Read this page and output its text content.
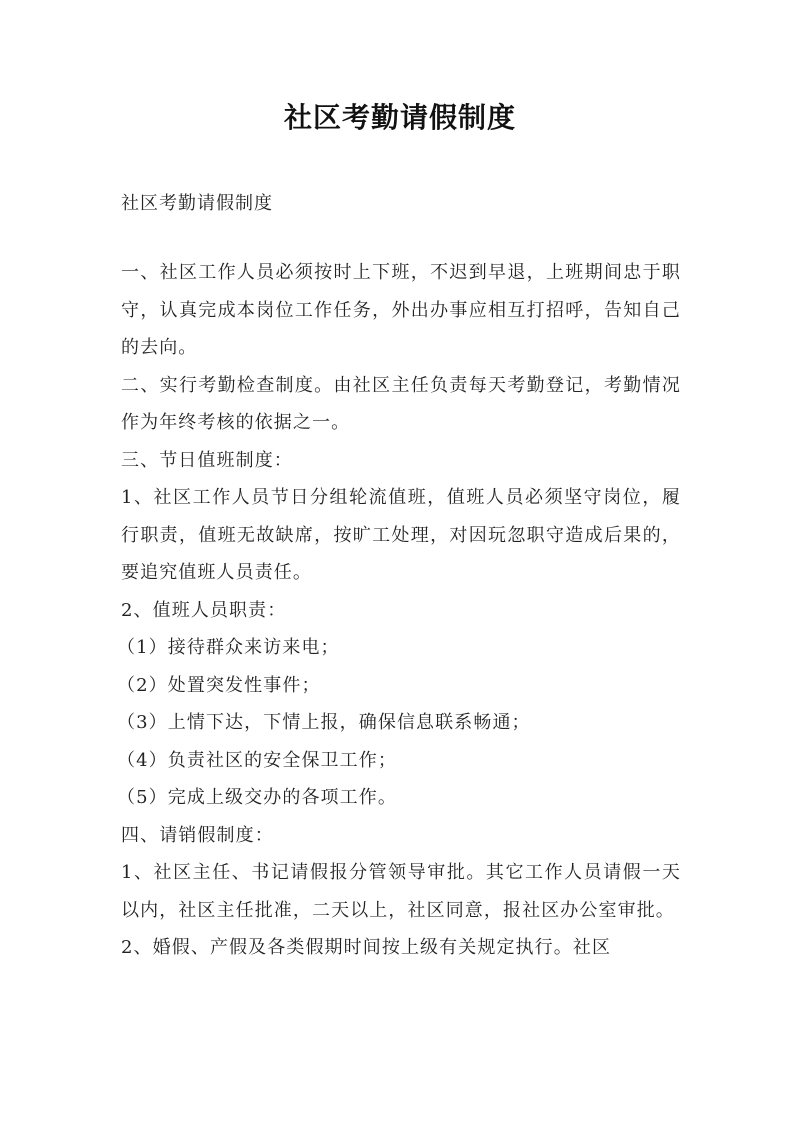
社区考勤请假制度
社区考勤请假制度

一、社区工作人员必须按时上下班，不迟到早退，上班期间忠于职守，认真完成本岗位工作任务，外出办事应相互打招呼，告知自己的去向。

二、实行考勤检查制度。由社区主任负责每天考勤登记，考勤情况作为年终考核的依据之一。

三、节日值班制度：

1、社区工作人员节日分组轮流值班，值班人员必须坚守岗位，履行职责，值班无故缺席，按旷工处理，对因玩忽职守造成后果的，要追究值班人员责任。

2、值班人员职责：

（1）接待群众来访来电；

（2）处置突发性事件；

（3）上情下达，下情上报，确保信息联系畅通；

（4）负责社区的安全保卫工作；

（5）完成上级交办的各项工作。

四、请销假制度：

1、社区主任、书记请假报分管领导审批。其它工作人员请假一天以内，社区主任批准，二天以上，社区同意，报社区办公室审批。

2、婚假、产假及各类假期时间按上级有关规定执行。社区
